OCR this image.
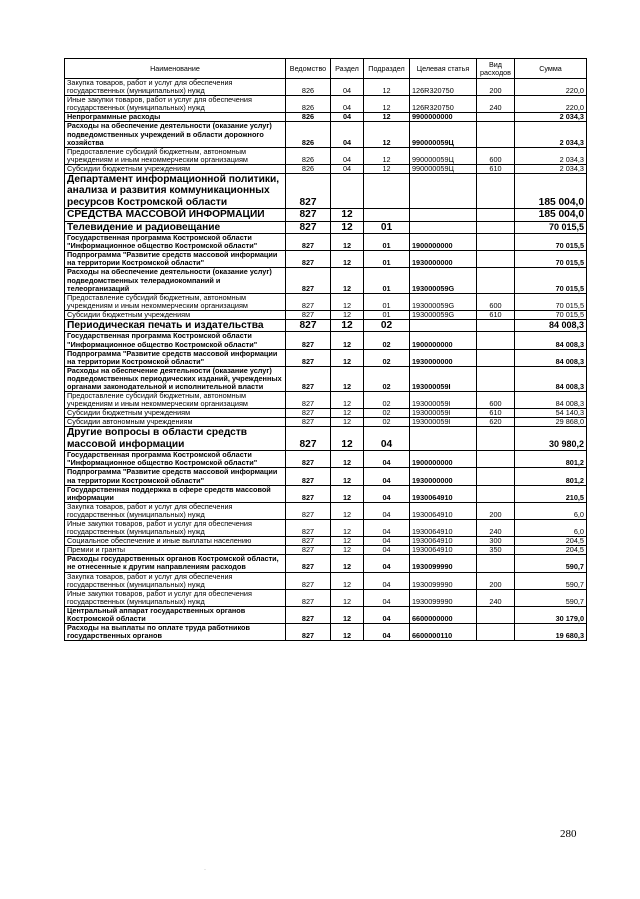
Наименование	Ведомство	Раздел	Подраздел	Целевая статья	Вид расходов	Сумма
Закупка товаров, работ и услуг для обеспечения государственных (муниципальных) нужд	826	04	12	126R320750	200	220,0
Иные закупки товаров, работ и услуг для обеспечения государственных (муниципальных) нужд	826	04	12	126R320750	240	220,0
Непрограммные расходы	826	04	12	9900000000		2 034,3
Расходы на обеспечение деятельности (оказание услуг) подведомственных учреждений в области дорожного хозяйства	826	04	12	990000059Ц		2 034,3
Предоставление субсидий бюджетным, автономным учреждениям и иным некоммерческим организациям	826	04	12	990000059Ц	600	2 034,3
Субсидии бюджетным учреждениям	826	04	12	990000059Ц	610	2 034,3
Департамент информационной политики, анализа и развития коммуникационных ресурсов Костромской области	827					185 004,0
СРЕДСТВА МАССОВОЙ ИНФОРМАЦИИ	827	12				185 004,0
Телевидение и радиовещание	827	12	01			70 015,5
Государственная программа Костромской области "Информационное общество Костромской области"	827	12	01	1900000000		70 015,5
Подпрограмма "Развитие средств массовой информации на территории Костромской области"	827	12	01	1930000000		70 015,5
Расходы на обеспечение деятельности (оказание услуг) подведомственных телерадиокомпаний и телеорганизаций	827	12	01	193000059G		70 015,5
Предоставление субсидий бюджетным, автономным учреждениям и иным некоммерческим организациям	827	12	01	193000059G	600	70 015,5
Субсидии бюджетным учреждениям	827	12	01	193000059G	610	70 015,5
Периодическая печать и издательства	827	12	02			84 008,3
Государственная программа Костромской области "Информационное общество Костромской области"	827	12	02	1900000000		84 008,3
Подпрограмма "Развитие средств массовой информации на территории Костромской области"	827	12	02	1930000000		84 008,3
Расходы на обеспечение деятельности (оказание услуг) подведомственных периодических изданий, учрежденных органами законодательной и исполнительной власти	827	12	02	193000059I		84 008,3
Предоставление субсидий бюджетным, автономным учреждениям и иным некоммерческим организациям	827	12	02	193000059I	600	84 008,3
Субсидии бюджетным учреждениям	827	12	02	193000059I	610	54 140,3
Субсидии автономным учреждениям	827	12	02	193000059I	620	29 868,0
Другие вопросы в области средств массовой информации	827	12	04			30 980,2
Государственная программа Костромской области "Информационное общество Костромской области"	827	12	04	1900000000		801,2
Подпрограмма "Развитие средств массовой информации на территории Костромской области"	827	12	04	1930000000		801,2
Государственная поддержка в сфере средств массовой информации	827	12	04	1930064910		210,5
Закупка товаров, работ и услуг для обеспечения государственных (муниципальных) нужд	827	12	04	1930064910	200	6,0
Иные закупки товаров, работ и услуг для обеспечения государственных (муниципальных) нужд	827	12	04	1930064910	240	6,0
Социальное обеспечение и иные выплаты населению	827	12	04	1930064910	300	204,5
Премии и гранты	827	12	04	1930064910	350	204,5
Расходы государственных органов Костромской области, не отнесенные к другим направлениям расходов	827	12	04	1930099990		590,7
Закупка товаров, работ и услуг для обеспечения государственных (муниципальных) нужд	827	12	04	1930099990	200	590,7
Иные закупки товаров, работ и услуг для обеспечения государственных (муниципальных) нужд	827	12	04	1930099990	240	590,7
Центральный аппарат государственных органов Костромской области	827	12	04	6600000000		30 179,0
Расходы на выплаты по оплате труда работников государственных органов	827	12	04	6600000110		19 680,3
280
·
